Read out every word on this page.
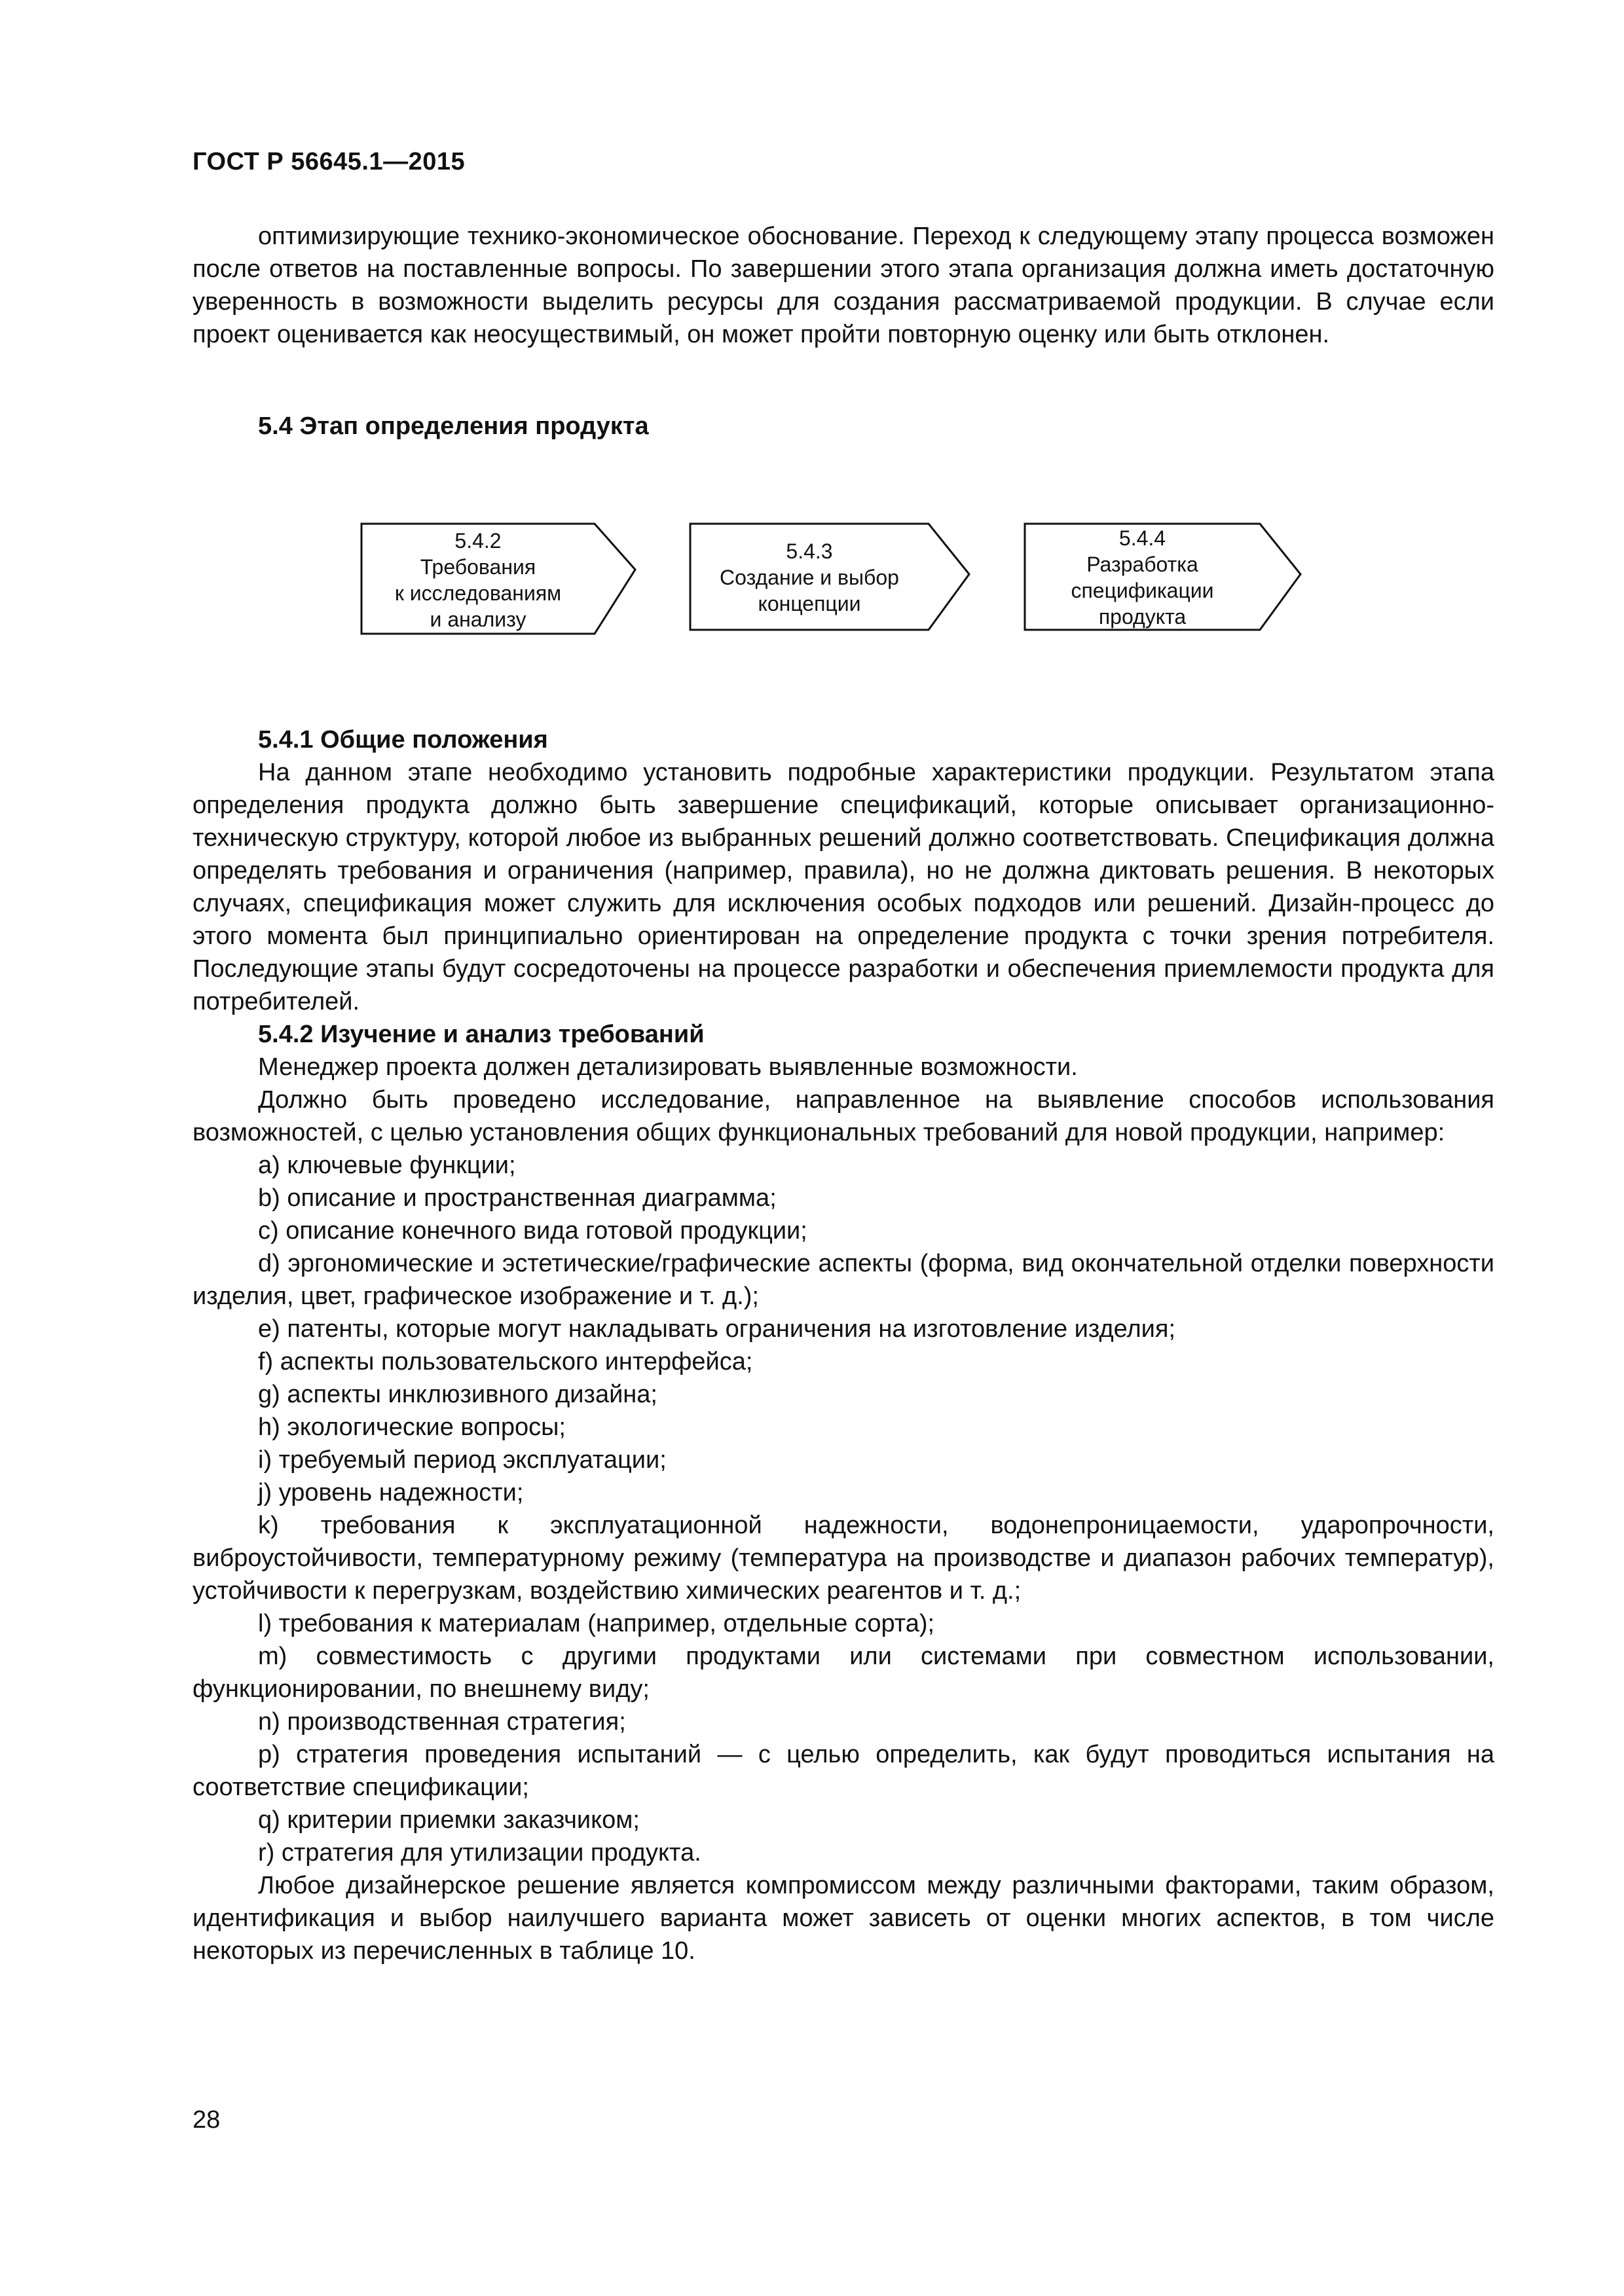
ГОСТ Р 56645.1—2015

оптимизирующие технико-экономическое обоснование. Переход к следующему этапу процесса возможен после ответов на поставленные вопросы. По завершении этого этапа организация должна иметь достаточную уверенность в возможности выделить ресурсы для создания рассматриваемой продукции. В случае если проект оценивается как неосуществимый, он может пройти повторную оценку или быть отклонен.

5.4 Этап определения продукта
5.4.2
Требования
к исследованиям
и анализу
5.4.3
Создание и выбор
концепции
5.4.4
Разработка
спецификации
продукта

5.4.1 Общие положения

На данном этапе необходимо установить подробные характеристики продукции. Результатом этапа определения продукта должно быть завершение спецификаций, которые описывает организационно-техническую структуру, которой любое из выбранных решений должно соответствовать. Спецификация должна определять требования и ограничения (например, правила), но не должна диктовать решения. В некоторых случаях, спецификация может служить для исключения особых подходов или решений. Дизайн-процесс до этого момента был принципиально ориентирован на определение продукта с точки зрения потребителя. Последующие этапы будут сосредоточены на процессе разработки и обеспечения приемлемости продукта для потребителей.

5.4.2 Изучение и анализ требований

Менеджер проекта должен детализировать выявленные возможности.

Должно быть проведено исследование, направленное на выявление способов использования возможностей, с целью установления общих функциональных требований для новой продукции, например:

a) ключевые функции;

b) описание и пространственная диаграмма;

c) описание конечного вида готовой продукции;

d) эргономические и эстетические/графические аспекты (форма, вид окончательной отделки поверхности изделия, цвет, графическое изображение и т. д.);

e) патенты, которые могут накладывать ограничения на изготовление изделия;

f) аспекты пользовательского интерфейса;

g) аспекты инклюзивного дизайна;

h) экологические вопросы;

i) требуемый период эксплуатации;

j) уровень надежности;

k) требования к эксплуатационной надежности, водонепроницаемости, ударопрочности, виброустойчивости, температурному режиму (температура на производстве и диапазон рабочих температур), устойчивости к перегрузкам, воздействию химических реагентов и т. д.;

l) требования к материалам (например, отдельные сорта);

m) совместимость с другими продуктами или системами при совместном использовании, функционировании, по внешнему виду;

n) производственная стратегия;

p) стратегия проведения испытаний — с целью определить, как будут проводиться испытания на соответствие спецификации;

q) критерии приемки заказчиком;

r) стратегия для утилизации продукта.

Любое дизайнерское решение является компромиссом между различными факторами, таким образом, идентификация и выбор наилучшего варианта может зависеть от оценки многих аспектов, в том числе некоторых из перечисленных в таблице 10.

28
